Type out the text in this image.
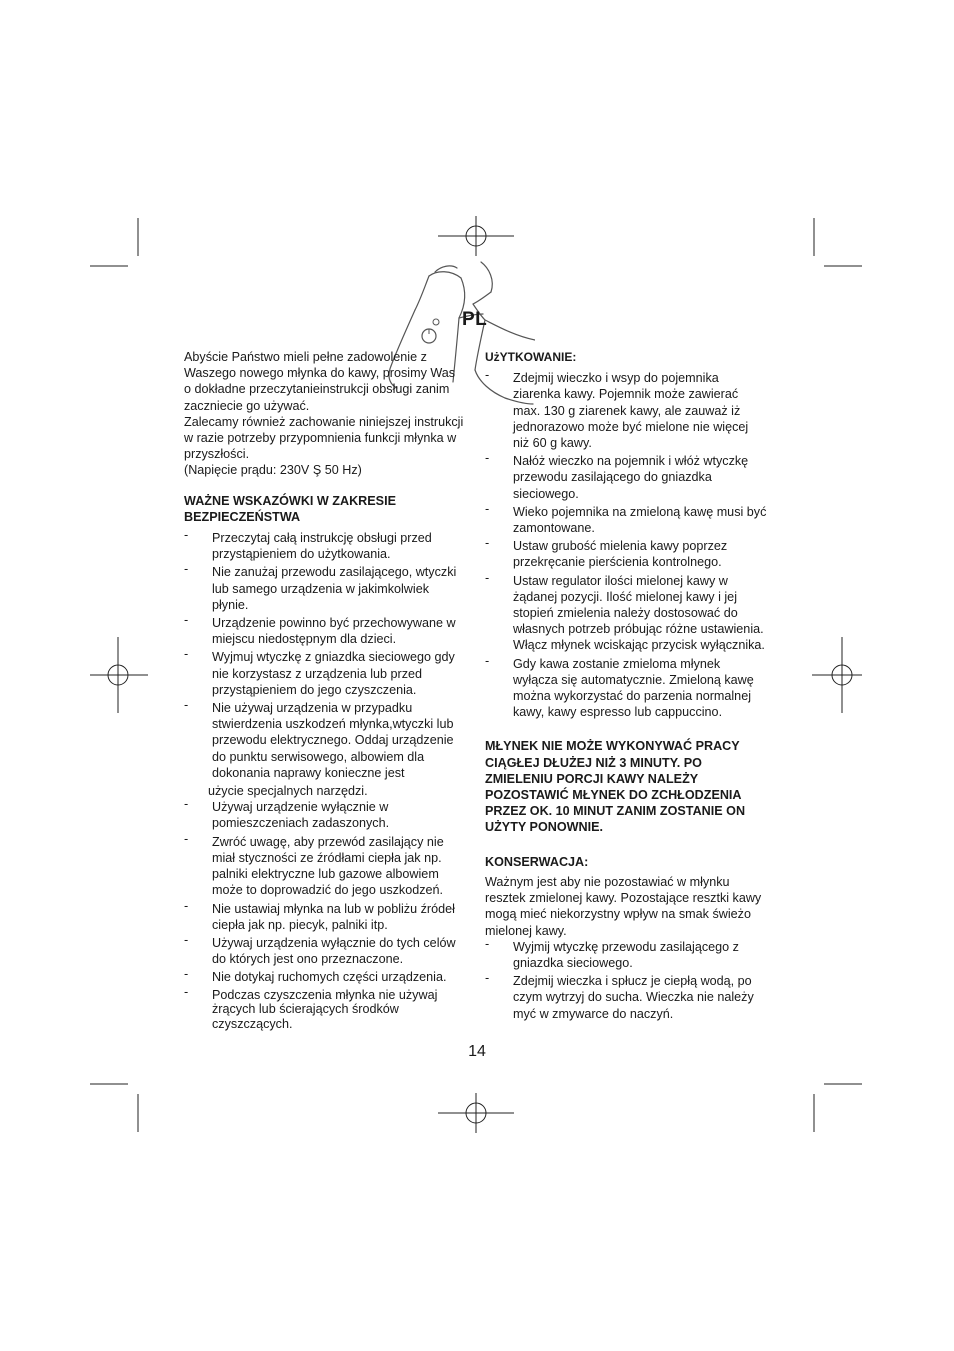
PL

Abyście Państwo mieli pełne zadowolenie z Waszego nowego młynka do kawy, prosimy Was o dokładne przeczytanieinstrukcji obsługi zanim zaczniecie go używać.

Zalecamy również zachowanie niniejszej instrukcji w razie potrzeby przypomnienia funkcji młynka w przyszłości.

(Napięcie prądu: 230V Ş 50 Hz)

WAŻNE WSKAZÓWKI W ZAKRESIE BEZPIECZEŃSTWA

- Przeczytaj całą instrukcję obsługi przed przystąpieniem do użytkowania.
- Nie zanużaj przewodu zasilającego, wtyczki lub samego urządzenia w jakimkolwiek płynie.
- Urządzenie powinno być przechowywane w miejscu niedostępnym dla dzieci.
- Wyjmuj wtyczkę z gniazdka sieciowego gdy nie korzystasz z urządzenia lub przed przystąpieniem do jego czyszczenia.
- Nie używaj urządzenia w przypadku stwierdzenia uszkodzeń młynka,wtyczki lub przewodu elektrycznego. Oddaj urządzenie do punktu serwisowego, albowiem dla dokonania naprawy konieczne jest

użycie specjalnych narzędzi.

- Używaj urządzenie wyłącznie w pomieszczeniach zadaszonych.
- Zwróć uwagę, aby przewód zasilający nie miał styczności ze źródłami ciepła jak np. palniki elektryczne lub gazowe albowiem może to doprowadzić do jego uszkodzeń.
- Nie ustawiaj młynka na lub w pobliżu źródeł ciepła jak np. piecyk, palniki itp.
- Używaj urządzenia wyłącznie do tych celów do których jest ono przeznaczone.
- Nie dotykaj ruchomych części urządzenia.
- Podczas czyszczenia młynka nie używaj żrących lub ścierających środków czyszczących.

UżYTKOWANIE:

- Zdejmij wieczko i wsyp do pojemnika ziarenka kawy. Pojemnik może zawierać max. 130 g ziarenek kawy, ale zauważ iż jednorazowo może być mielone nie więcej niż 60 g kawy.
- Nałóż wieczko na pojemnik i włóż wtyczkę przewodu zasilającego do gniazdka sieciowego.
- Wieko pojemnika na zmieloną kawę musi być zamontowane.
- Ustaw grubość mielenia kawy poprzez przekręcanie pierścienia kontrolnego.
- Ustaw regulator ilości mielonej kawy w żądanej pozycji. Ilość mielonej kawy i jej stopień zmielenia należy dostosować do własnych potrzeb próbując różne ustawienia. Włącz młynek wciskając przycisk wyłącznika.
- Gdy kawa zostanie zmieloma młynek wyłącza się automatycznie. Zmieloną kawę można wykorzystać do parzenia normalnej kawy, kawy espresso lub cappuccino.

MŁYNEK NIE MOŻE WYKONYWAĆ PRACY CIĄGŁEJ DŁUŻEJ NIŻ 3 MINUTY. PO ZMIELENIU PORCJI KAWY NALEŻY POZOSTAWIĆ MŁYNEK DO ZCHŁODZENIA PRZEZ OK. 10 MINUT ZANIM ZOSTANIE ON UŻYTY PONOWNIE.

KONSERWACJA:

Ważnym jest aby nie pozostawiać w młynku resztek zmielonej kawy. Pozostające resztki kawy mogą mieć niekorzystny wpływ na smak świeżo mielonej kawy.

- Wyjmij wtyczkę przewodu zasilającego z gniazdka sieciowego.
- Zdejmij wieczka i spłucz je ciepłą wodą, po czym wytrzyj do sucha. Wieczka nie należy myć w zmywarce do naczyń.
14
